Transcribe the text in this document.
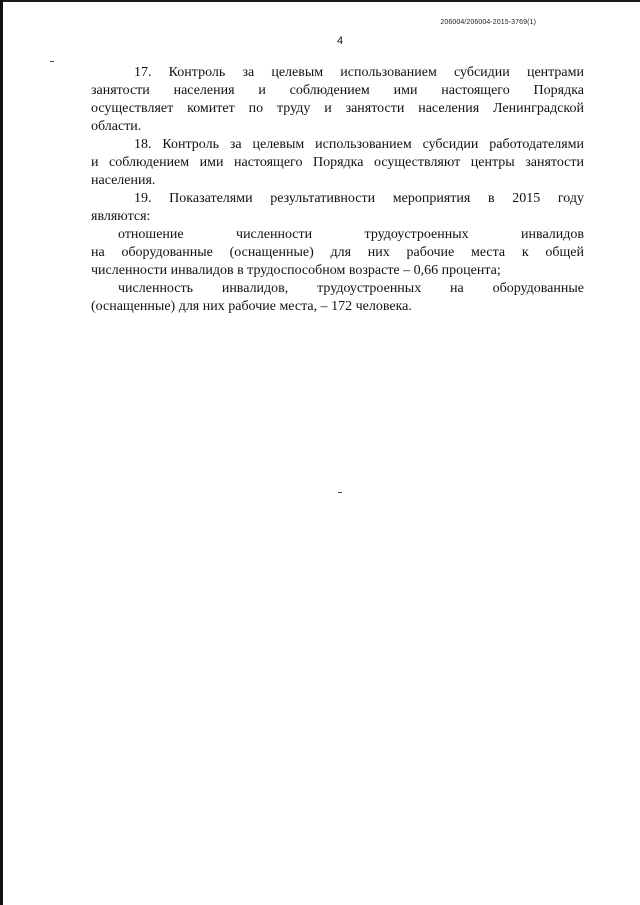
206004/206004-2015-3769(1)
4

17. Контроль за целевым использованием субсидии центрами

занятости населения и соблюдением ими настоящего Порядка

осуществляет комитет по труду и занятости населения Ленинградской

области.

18. Контроль за целевым использованием субсидии работодателями

и соблюдением ими настоящего Порядка осуществляют центры занятости

населения.

19. Показателями результативности мероприятия в 2015 году

являются:

отношение численности трудоустроенных инвалидов

на оборудованные (оснащенные) для них рабочие места к общей

численности инвалидов в трудоспособном возрасте – 0,66 процента;

численность инвалидов, трудоустроенных на оборудованные

(оснащенные) для них рабочие места, – 172 человека.
